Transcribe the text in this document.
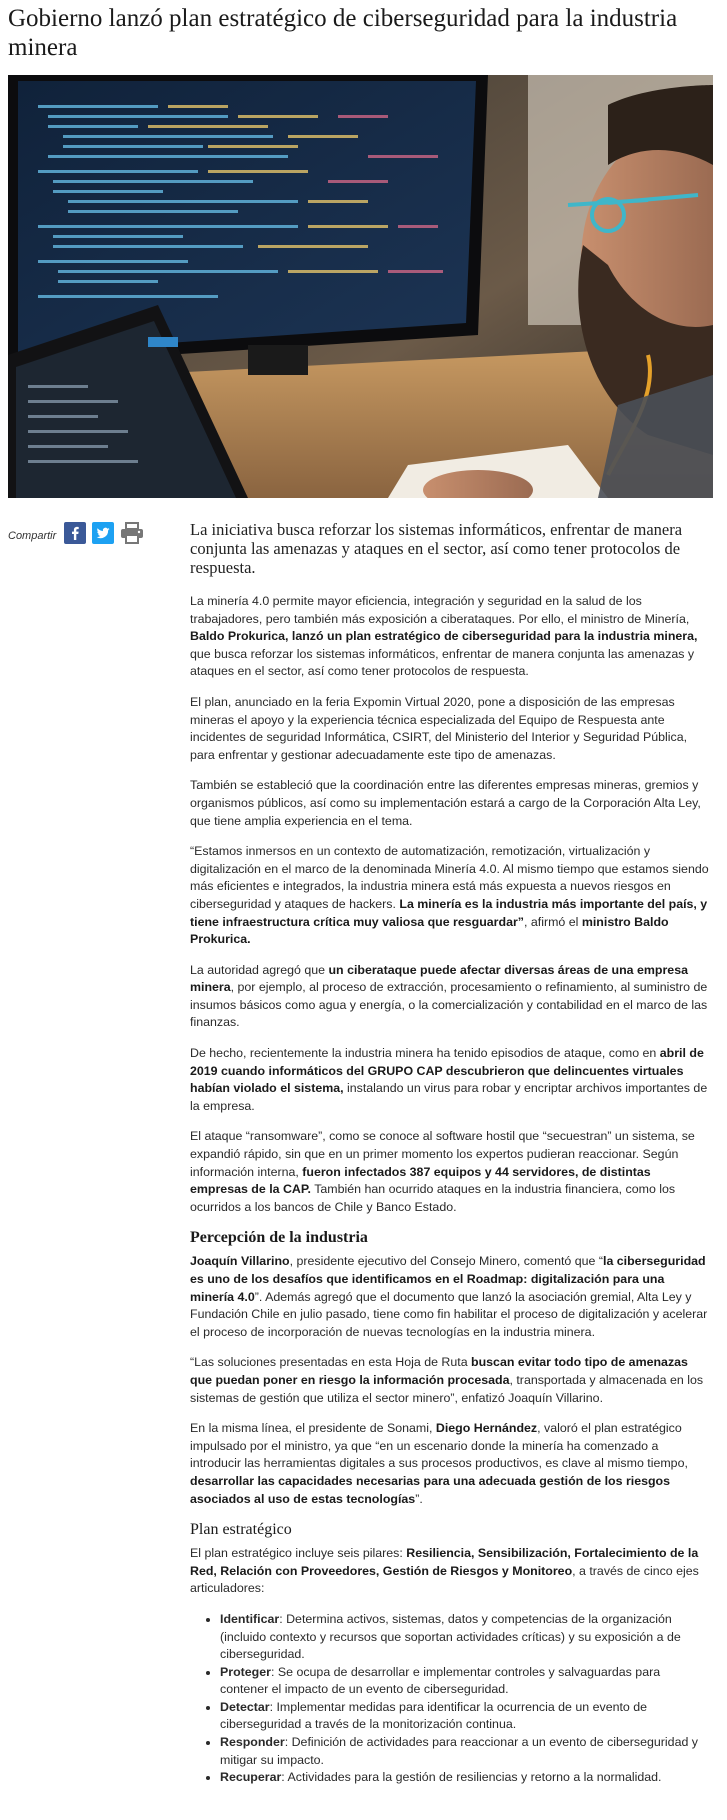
Gobierno lanzó plan estratégico de ciberseguridad para la industria minera
Compartir	La iniciativa busca reforzar los sistemas informáticos, enfrentar de manera conjunta las amenazas y ataques en el sector, así como tener protocolos de respuesta.

La minería 4.0 permite mayor eficiencia, integración y seguridad en la salud de los trabajadores, pero también más exposición a ciberataques. Por ello, el ministro de Minería, Baldo Prokurica, lanzó un plan estratégico de ciberseguridad para la industria minera, que busca reforzar los sistemas informáticos, enfrentar de manera conjunta las amenazas y ataques en el sector, así como tener protocolos de respuesta.

El plan, anunciado en la feria Expomin Virtual 2020, pone a disposición de las empresas mineras el apoyo y la experiencia técnica especializada del Equipo de Respuesta ante incidentes de seguridad Informática, CSIRT, del Ministerio del Interior y Seguridad Pública, para enfrentar y gestionar adecuadamente este tipo de amenazas.

También se estableció que la coordinación entre las diferentes empresas mineras, gremios y organismos públicos, así como su implementación estará a cargo de la Corporación Alta Ley, que tiene amplia experiencia en el tema.

“Estamos inmersos en un contexto de automatización, remotización, virtualización y digitalización en el marco de la denominada Minería 4.0. Al mismo tiempo que estamos siendo más eficientes e integrados, la industria minera está más expuesta a nuevos riesgos en ciberseguridad y ataques de hackers. La minería es la industria más importante del país, y tiene infraestructura crítica muy valiosa que resguardar”, afirmó el ministro Baldo Prokurica.

La autoridad agregó que un ciberataque puede afectar diversas áreas de una empresa minera, por ejemplo, al proceso de extracción, procesamiento o refinamiento, al suministro de insumos básicos como agua y energía, o la comercialización y contabilidad en el marco de las finanzas.

De hecho, recientemente la industria minera ha tenido episodios de ataque, como en abril de 2019 cuando informáticos del GRUPO CAP descubrieron que delincuentes virtuales habían violado el sistema, instalando un virus para robar y encriptar archivos importantes de la empresa.

El ataque “ransomware”, como se conoce al software hostil que “secuestran” un sistema, se expandió rápido, sin que en un primer momento los expertos pudieran reaccionar. Según información interna, fueron infectados 387 equipos y 44 servidores, de distintas empresas de la CAP. También han ocurrido ataques en la industria financiera, como los ocurridos a los bancos de Chile y Banco Estado.

Percepción de la industria

Joaquín Villarino, presidente ejecutivo del Consejo Minero, comentó que “la ciberseguridad es uno de los desafíos que identificamos en el Roadmap: digitalización para una minería 4.0”. Además agregó que el documento que lanzó la asociación gremial, Alta Ley y Fundación Chile en julio pasado, tiene como fin habilitar el proceso de digitalización y acelerar el proceso de incorporación de nuevas tecnologías en la industria minera.

“Las soluciones presentadas en esta Hoja de Ruta buscan evitar todo tipo de amenazas que puedan poner en riesgo la información procesada, transportada y almacenada en los sistemas de gestión que utiliza el sector minero”, enfatizó Joaquín Villarino.

En la misma línea, el presidente de Sonami, Diego Hernández, valoró el plan estratégico impulsado por el ministro, ya que “en un escenario donde la minería ha comenzado a introducir las herramientas digitales a sus procesos productivos, es clave al mismo tiempo, desarrollar las capacidades necesarias para una adecuada gestión de los riesgos asociados al uso de estas tecnologías”.

Plan estratégico

El plan estratégico incluye seis pilares: Resiliencia, Sensibilización, Fortalecimiento de la Red, Relación con Proveedores, Gestión de Riesgos y Monitoreo, a través de cinco ejes articuladores:

• Identificar: Determina activos, sistemas, datos y competencias de la organización (incluido contexto y recursos que soportan actividades críticas) y su exposición a de ciberseguridad.
• Proteger: Se ocupa de desarrollar e implementar controles y salvaguardas para contener el impacto de un evento de ciberseguridad.
• Detectar: Implementar medidas para identificar la ocurrencia de un evento de ciberseguridad a través de la monitorización continua.
• Responder: Definición de actividades para reaccionar a un evento de ciberseguridad y mitigar su impacto.
• Recuperar: Actividades para la gestión de resiliencias y retorno a la normalidad.
